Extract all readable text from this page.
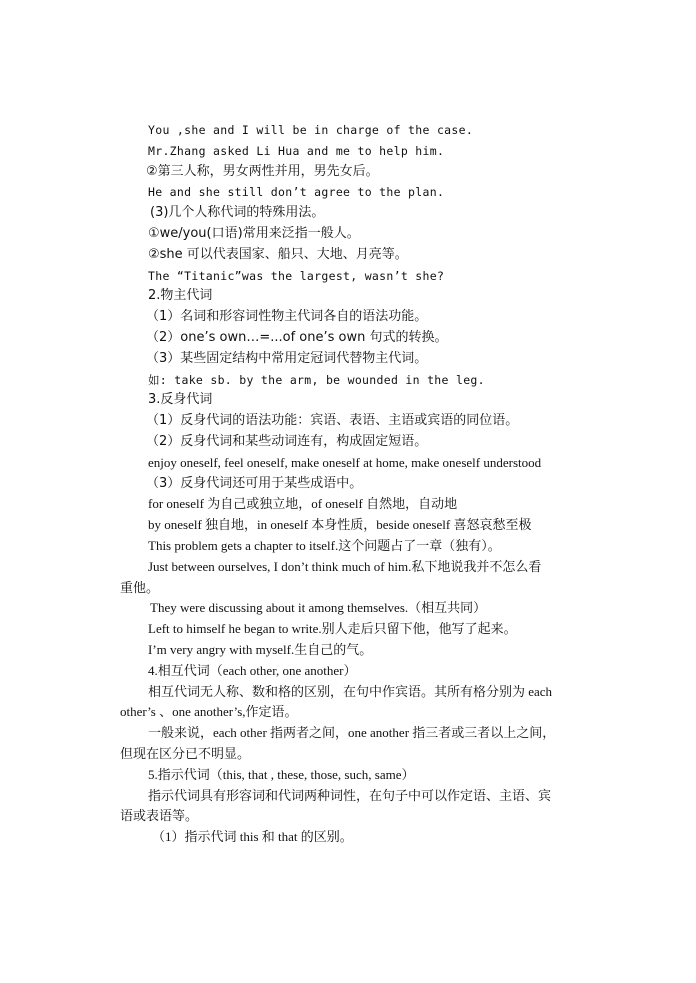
You ,she and I will be in charge of the case.
Mr.Zhang asked Li Hua and me to help him.
②第三人称，男女两性并用，男先女后。
He and she still don’t agree to the plan.
(3)几个人称代词的特殊用法。
①we/you(口语)常用来泛指一般人。
②she 可以代表国家、船只、大地、月亮等。
The “Titanic”was the largest, wasn’t she?
2.物主代词
（1）名词和形容词性物主代词各自的语法功能。
（2）one’s own…=...of one’s own 句式的转换。
（3）某些固定结构中常用定冠词代替物主代词。
如: take sb. by the arm, be wounded in the leg.
3.反身代词
（1）反身代词的语法功能：宾语、表语、主语或宾语的同位语。
（2）反身代词和某些动词连有，构成固定短语。
enjoy oneself, feel oneself, make oneself at home, make oneself understood
（3）反身代词还可用于某些成语中。
for oneself 为自己或独立地，of oneself 自然地，自动地
by oneself 独自地，in oneself 本身性质，beside oneself 喜怒哀愁至极
This problem gets a chapter to itself.这个问题占了一章（独有）。
Just between ourselves, I don’t think much of him.私下地说我并不怎么看
重他。
They were discussing about it among themselves.（相互共同）
Left to himself he began to write.别人走后只留下他，他写了起来。
I’m very angry with myself.生自己的气。
4.相互代词（each other, one another）
相互代词无人称、数和格的区别，在句中作宾语。其所有格分别为 each
other’s 、one another’s,作定语。
一般来说，each other 指两者之间，one another 指三者或三者以上之间，
但现在区分已不明显。
5.指示代词（this, that , these, those, such, same）
指示代词具有形容词和代词两种词性，在句子中可以作定语、主语、宾
语或表语等。
（1）指示代词 this 和 that 的区别。
